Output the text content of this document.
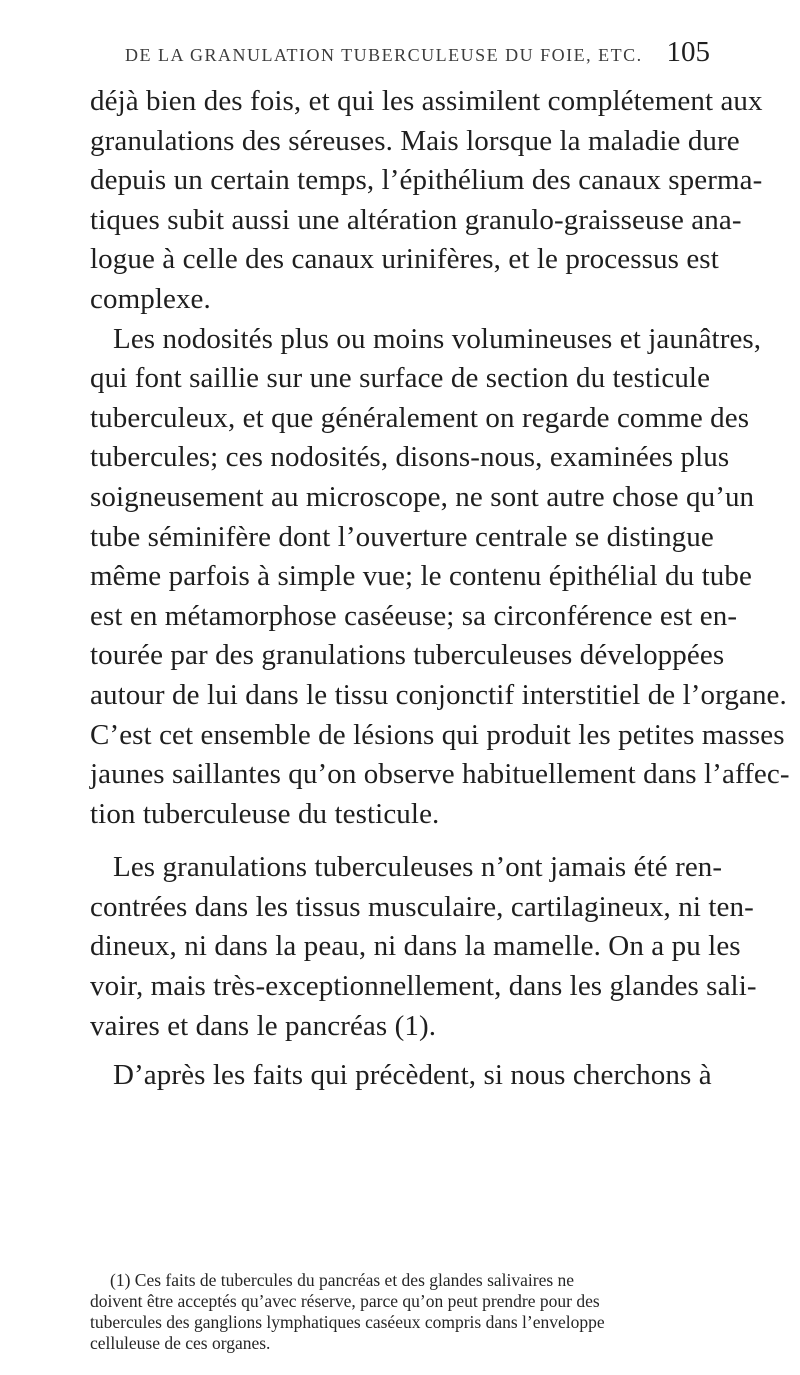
DE LA GRANULATION TUBERCULEUSE DU FOIE, ETC. 105
déjà bien des fois, et qui les assimilent complétement aux
granulations des séreuses. Mais lorsque la maladie dure
depuis un certain temps, l’épithélium des canaux sperma-
tiques subit aussi une altération granulo-graisseuse ana-
logue à celle des canaux urinifères, et le processus est
complexe.
Les nodosités plus ou moins volumineuses et jaunâtres,
qui font saillie sur une surface de section du testicule
tuberculeux, et que généralement on regarde comme des
tubercules; ces nodosités, disons-nous, examinées plus
soigneusement au microscope, ne sont autre chose qu’un
tube séminifère dont l’ouverture centrale se distingue
même parfois à simple vue; le contenu épithélial du tube
est en métamorphose caséeuse; sa circonférence est en-
tourée par des granulations tuberculeuses développées
autour de lui dans le tissu conjonctif interstitiel de l’organe.
C’est cet ensemble de lésions qui produit les petites masses
jaunes saillantes qu’on observe habituellement dans l’affec-
tion tuberculeuse du testicule.
Les granulations tuberculeuses n’ont jamais été ren-
contrées dans les tissus musculaire, cartilagineux, ni ten-
dineux, ni dans la peau, ni dans la mamelle. On a pu les
voir, mais très-exceptionnellement, dans les glandes sali-
vaires et dans le pancréas (1).
D’après les faits qui précèdent, si nous cherchons à
(1) Ces faits de tubercules du pancréas et des glandes salivaires ne
doivent être acceptés qu’avec réserve, parce qu’on peut prendre pour des
tubercules des ganglions lymphatiques caséeux compris dans l’enveloppe
celluleuse de ces organes.
